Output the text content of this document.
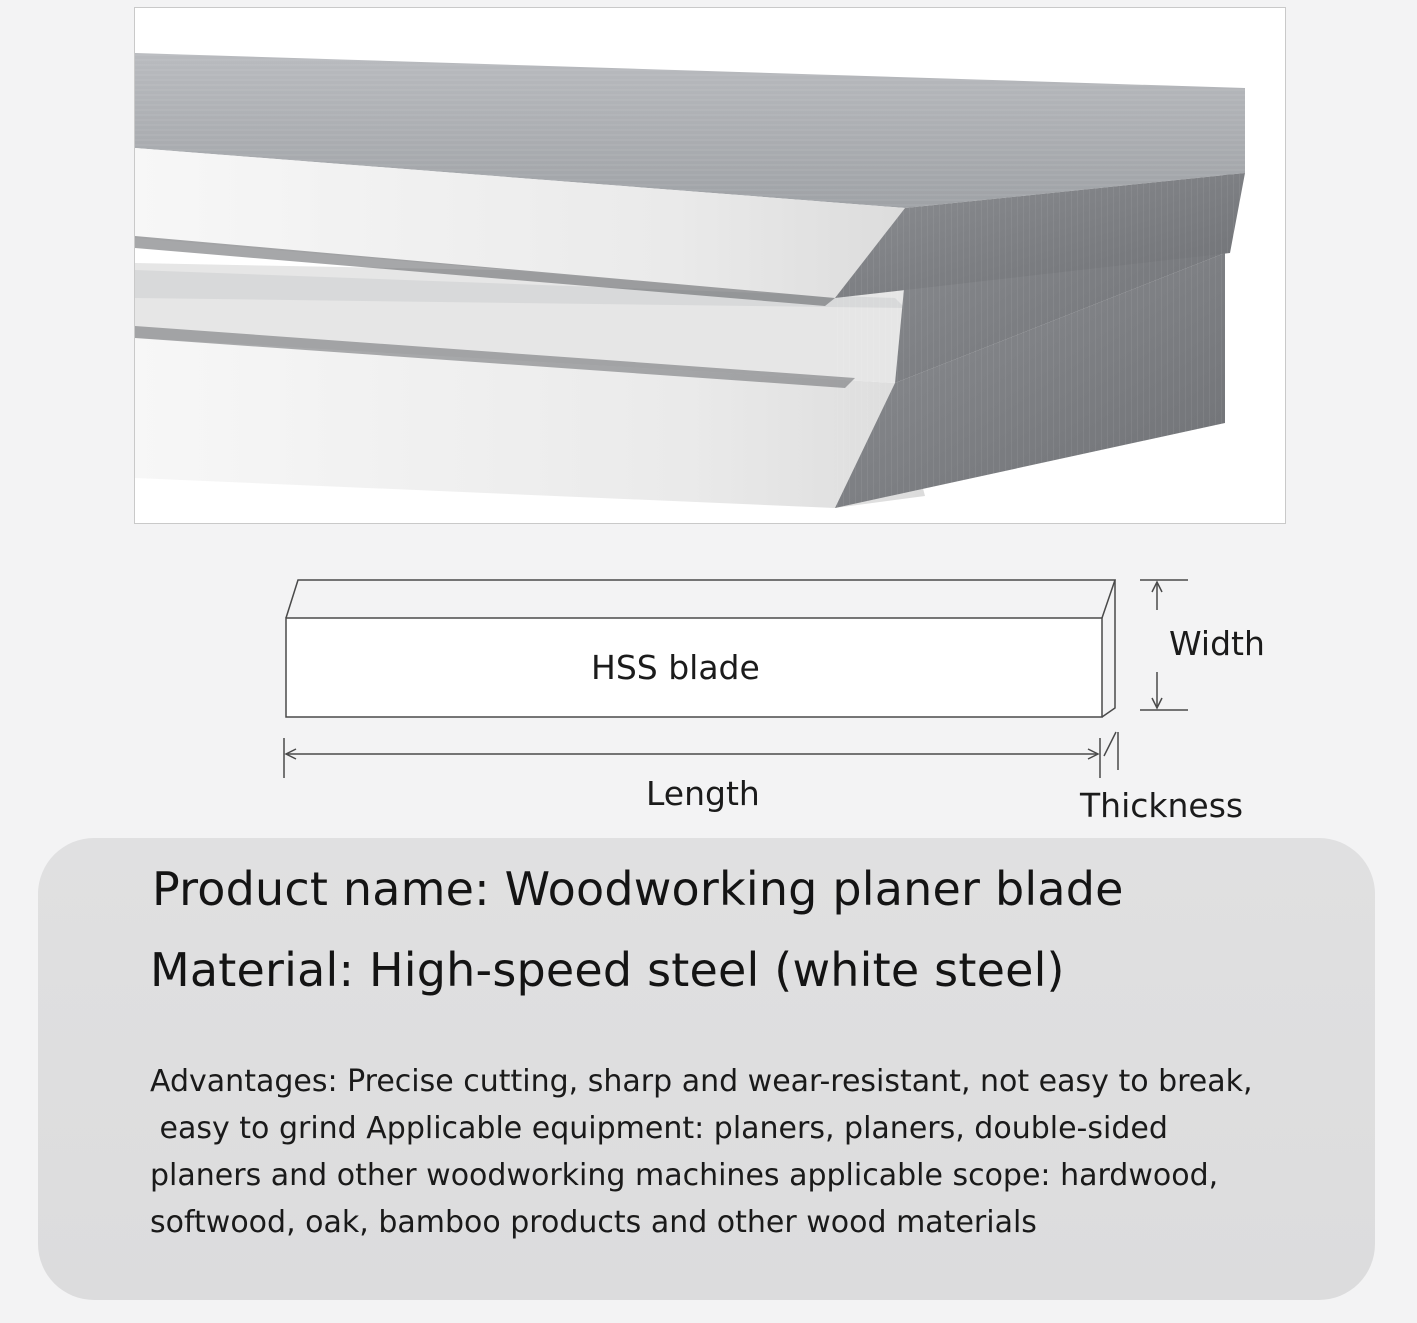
HSS blade
Width
Length	Thickness
Product name: Woodworking planer blade
Material: High-speed steel (white steel)
Advantages: Precise cutting, sharp and wear-resistant, not easy to break,
easy to grind Applicable equipment: planers, planers, double-sided
planers and other woodworking machines applicable scope: hardwood,
softwood, oak, bamboo products and other wood materials
